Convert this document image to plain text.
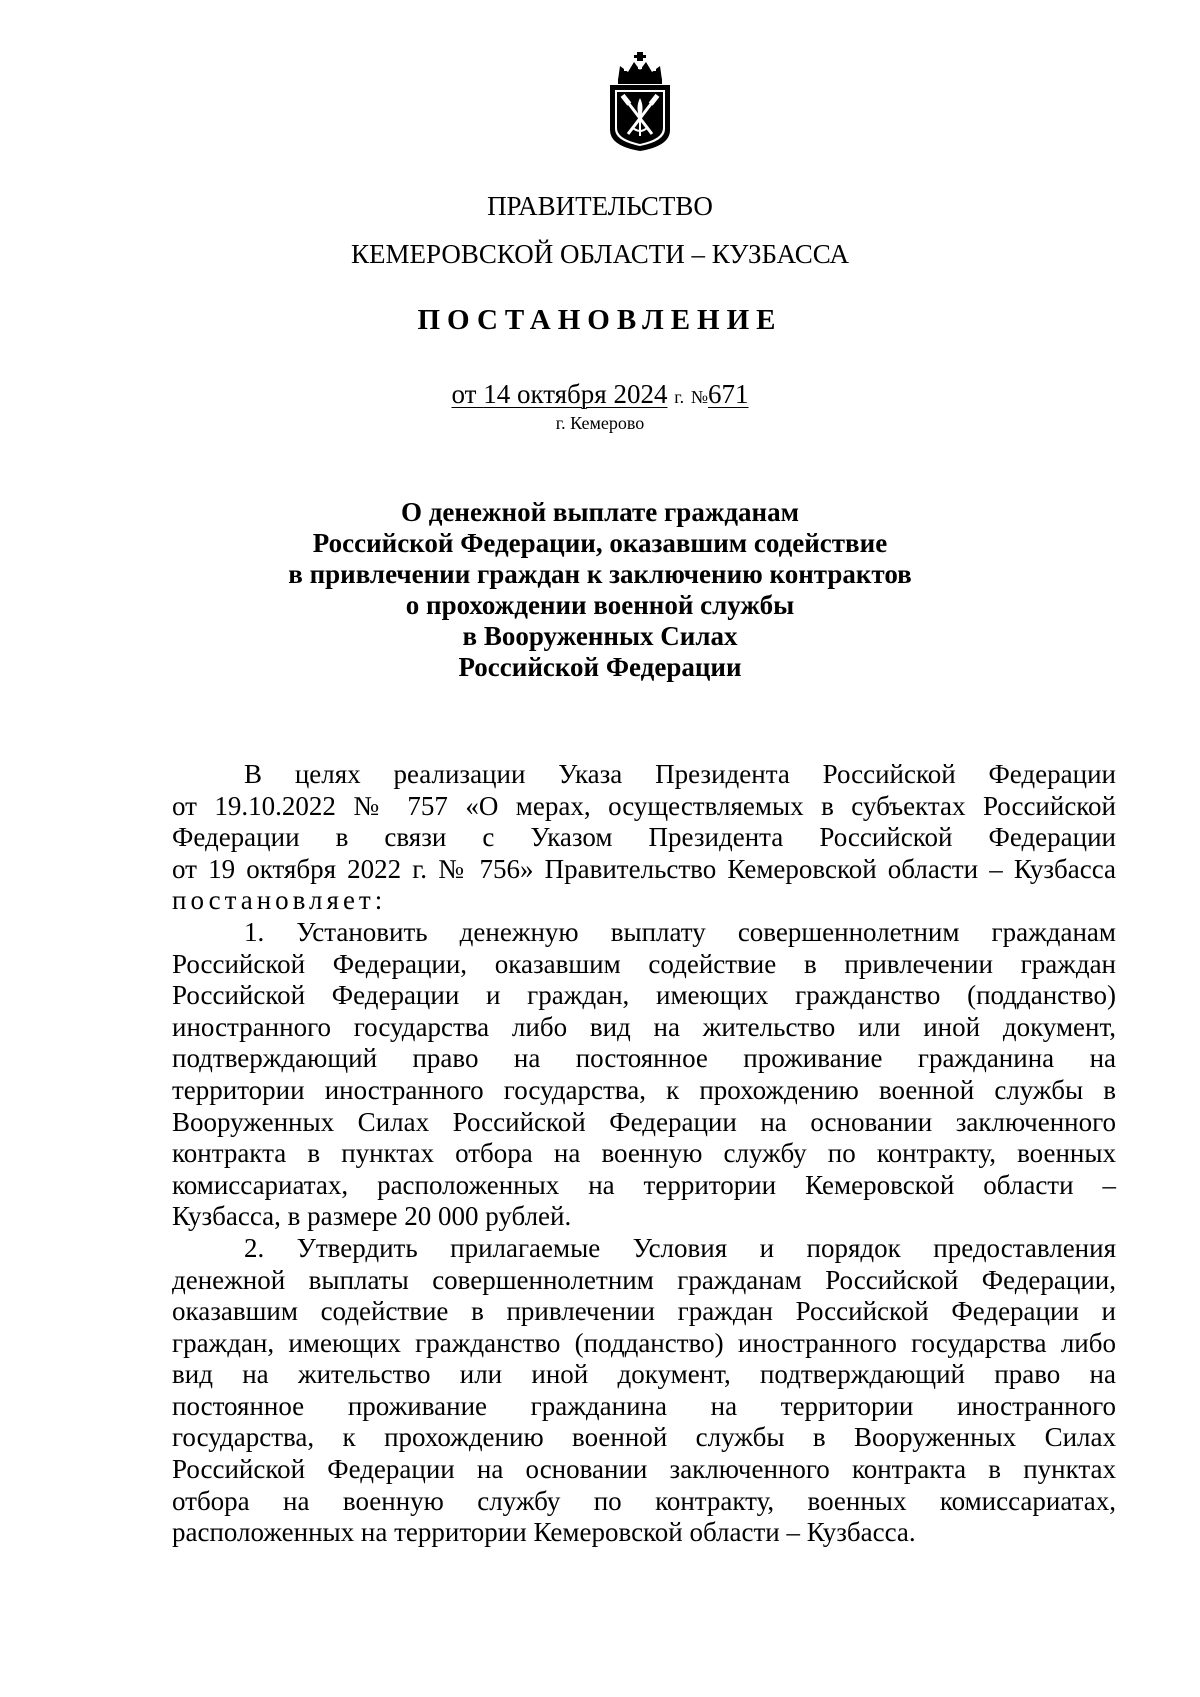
ПРАВИТЕЛЬСТВО
КЕМЕРОВСКОЙ ОБЛАСТИ – КУЗБАССА
ПОСТАНОВЛЕНИЕ
от 14 октября 2024 г. №671
г. Кемерово
О денежной выплате гражданам
Российской Федерации, оказавшим содействие
в привлечении граждан к заключению контрактов
о прохождении военной службы
в Вооруженных Силах
Российской Федерации
В целях реализации Указа Президента Российской Федерации
от 19.10.2022 № 757 «О мерах, осуществляемых в субъектах Российской
Федерации в связи с Указом Президента Российской Федерации
от 19 октября 2022 г. № 756» Правительство Кемеровской области – Кузбасса
постановляет:
1. Установить денежную выплату совершеннолетним гражданам
Российской Федерации, оказавшим содействие в привлечении граждан
Российской Федерации и граждан, имеющих гражданство (подданство)
иностранного государства либо вид на жительство или иной документ,
подтверждающий право на постоянное проживание гражданина на
территории иностранного государства, к прохождению военной службы в
Вооруженных Силах Российской Федерации на основании заключенного
контракта в пунктах отбора на военную службу по контракту, военных
комиссариатах, расположенных на территории Кемеровской области –
Кузбасса, в размере 20 000 рублей.
2. Утвердить прилагаемые Условия и порядок предоставления
денежной выплаты совершеннолетним гражданам Российской Федерации,
оказавшим содействие в привлечении граждан Российской Федерации и
граждан, имеющих гражданство (подданство) иностранного государства либо
вид на жительство или иной документ, подтверждающий право на
постоянное проживание гражданина на территории иностранного
государства, к прохождению военной службы в Вооруженных Силах
Российской Федерации на основании заключенного контракта в пунктах
отбора на военную службу по контракту, военных комиссариатах,
расположенных на территории Кемеровской области – Кузбасса.
